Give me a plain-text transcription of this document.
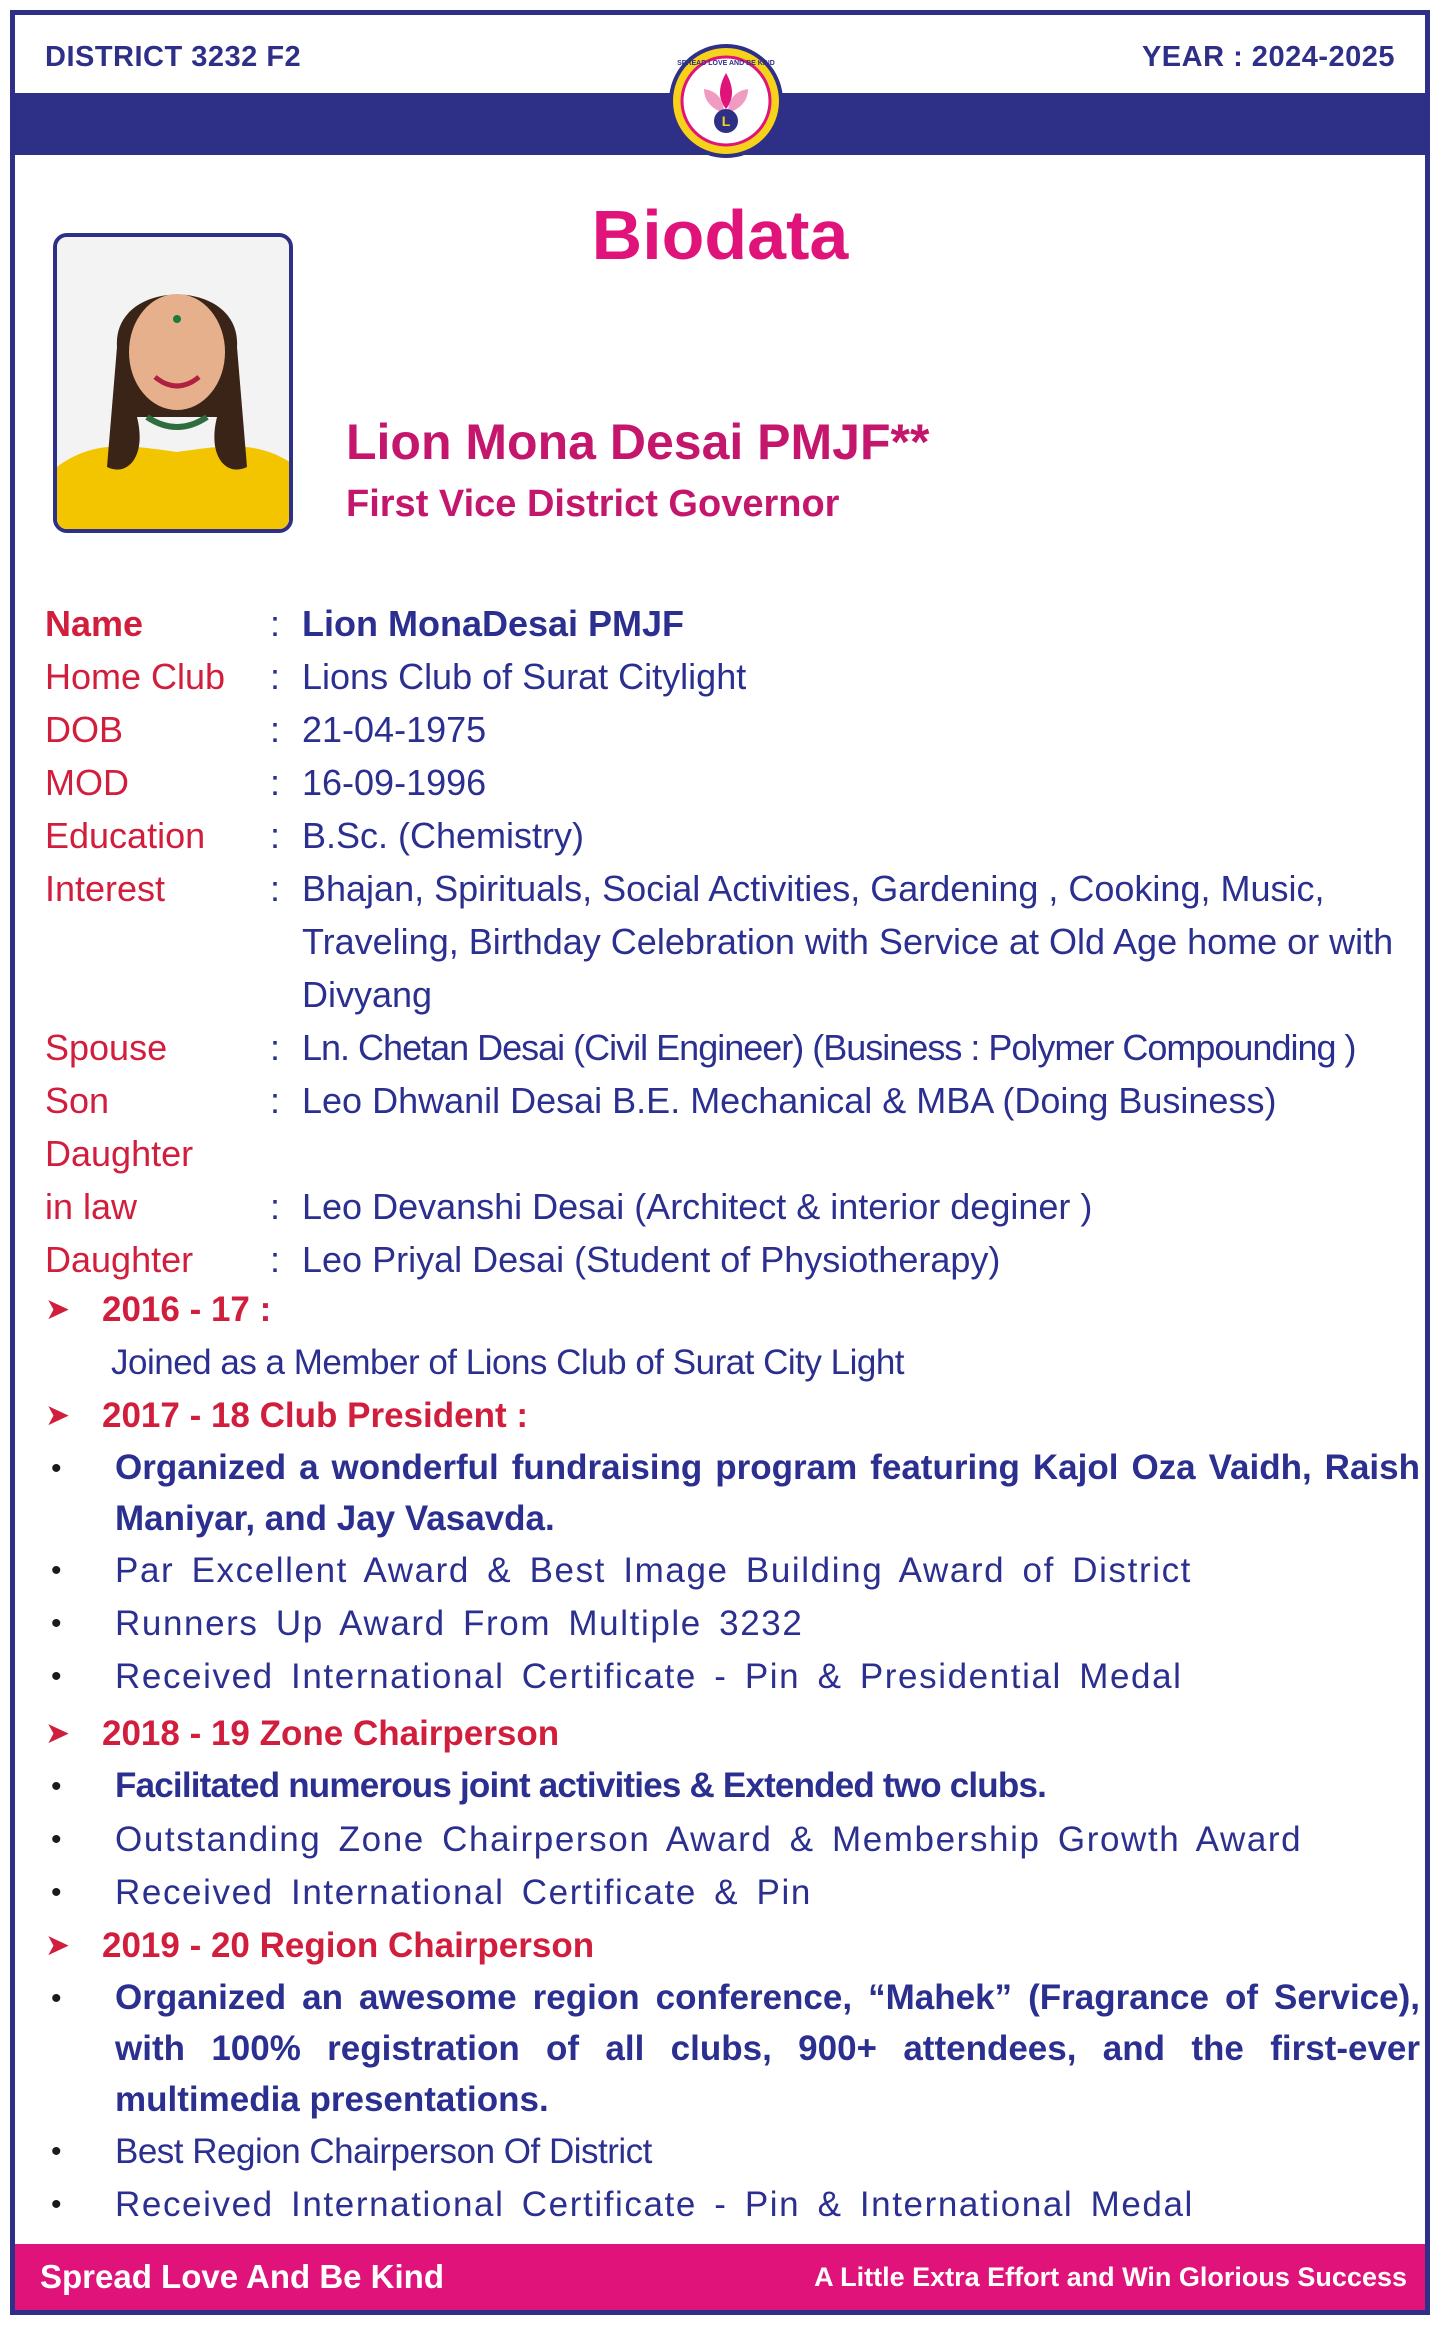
DISTRICT 3232 F2	YEAR : 2024-2025
L
SPREAD LOVE AND BE KIND
Biodata
Lion Mona Desai PMJF**
First Vice District Governor
Name	: Lion MonaDesai PMJF
Home Club	: Lions Club of Surat Citylight
DOB	: 21-04-1975
MOD	: 16-09-1996
Education	: B.Sc. (Chemistry)
Interest	: Bhajan, Spirituals, Social Activities, Gardening , Cooking, Music, Traveling, Birthday Celebration with Service at Old Age home or with Divyang
Spouse	: Ln. Chetan Desai (Civil Engineer) (Business : Polymer Compounding )
Son	: Leo Dhwanil Desai B.E. Mechanical & MBA (Doing Business)
Daughter
in law	: Leo Devanshi Desai (Architect & interior deginer )
Daughter	: Leo Priyal Desai (Student of Physiotherapy)
➤ 2016 - 17 :
Joined as a Member of Lions Club of Surat City Light
➤ 2017 - 18 Club President :
•	Organized a wonderful fundraising program featuring Kajol Oza Vaidh, Raish Maniyar, and Jay Vasavda.
•	Par Excellent Award & Best Image Building Award of District
•	Runners Up Award From Multiple 3232
•	Received International Certificate - Pin & Presidential Medal
➤ 2018 - 19 Zone Chairperson
•	Facilitated numerous joint activities & Extended two clubs.
•	Outstanding Zone Chairperson Award & Membership Growth Award
•	Received International Certificate & Pin
➤ 2019 - 20 Region Chairperson
•	Organized an awesome region conference, “Mahek” (Fragrance of Service), with 100% registration of all clubs, 900+ attendees, and the first-ever multimedia presentations.
•	Best Region Chairperson Of District
•	Received International Certificate - Pin & International Medal
Spread Love And Be Kind	A Little Extra Effort and Win Glorious Success
